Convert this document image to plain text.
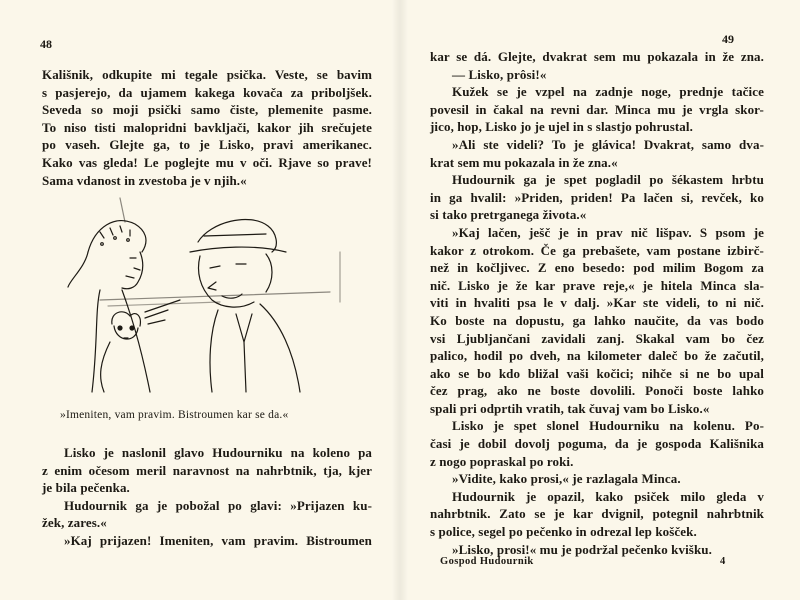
48
Kališnik, odkupite mi tegale psička. Veste, se bavim
s pasjerejo, da ujamem kakega kovača za priboljšek.
Seveda so moji psički samo čiste, plemenite pasme.
To niso tisti malopridni bavkljači, kakor jih srečujete
po vaseh. Glejte ga, to je Lisko, pravi amerikanec.
Kako vas gleda! Le poglejte mu v oči. Rjave so prave!
Sama vdanost in zvestoba je v njih.«
»Imeniten, vam pravim. Bistroumen kar se da.«
Lisko je naslonil glavo Hudourniku na koleno pa
z enim očesom meril naravnost na nahrbtnik, tja, kjer
je bila pečenka.
Hudournik ga je pobožal po glavi: »Prijazen ku-
žek, zares.«
»Kaj prijazen! Imeniten, vam pravim. Bistroumen
kar se dá. Glejte, dvakrat sem mu pokazala in že zna.
— Lisko, prôsi!«
Kužek se je vzpel na zadnje noge, prednje tačice
povesil in čakal na revni dar. Minca mu je vrgla skor-
jico, hop, Lisko jo je ujel in s slastjo pohrustal.
»Ali ste videli? To je glávica! Dvakrat, samo dva-
krat sem mu pokazala in že zna.«
Hudournik ga je spet pogladil po šékastem hrbtu
in ga hvalil: »Priden, priden! Pa lačen si, revček, ko
si tako pretrganega života.«
»Kaj lačen, ješč je in prav nič lišpav. S psom je
kakor z otrokom. Če ga prebašete, vam postane izbirč-
než in kočljivec. Z eno besedo: pod milim Bogom za
nič. Lisko je že kar prave reje,« je hitela Minca sla-
viti in hvaliti psa le v dalj. »Kar ste videli, to ni nič.
Ko boste na dopustu, ga lahko naučite, da vas bodo
vsi Ljubljančani zavidali zanj. Skakal vam bo čez
palico, hodil po dveh, na kilometer daleč bo že začutil,
ako se bo kdo bližal vaši kočici; nihče si ne bo upal
čez prag, ako ne boste dovolili. Ponoči boste lahko
spali pri odprtih vratih, tak čuvaj vam bo Lisko.«
Lisko je spet slonel Hudourniku na kolenu. Po-
časi je dobil dovolj poguma, da je gospoda Kališnika
z nogo popraskal po roki.
»Vidite, kako prosi,« je razlagala Minca.
Hudournik je opazil, kako psiček milo gleda v
nahrbtnik. Zato se je kar dvignil, potegnil nahrbtnik
s police, segel po pečenko in odrezal lep košček.
»Lisko, prosi!« mu je podržal pečenko kvišku.
Gospod Hudournik	4
49
